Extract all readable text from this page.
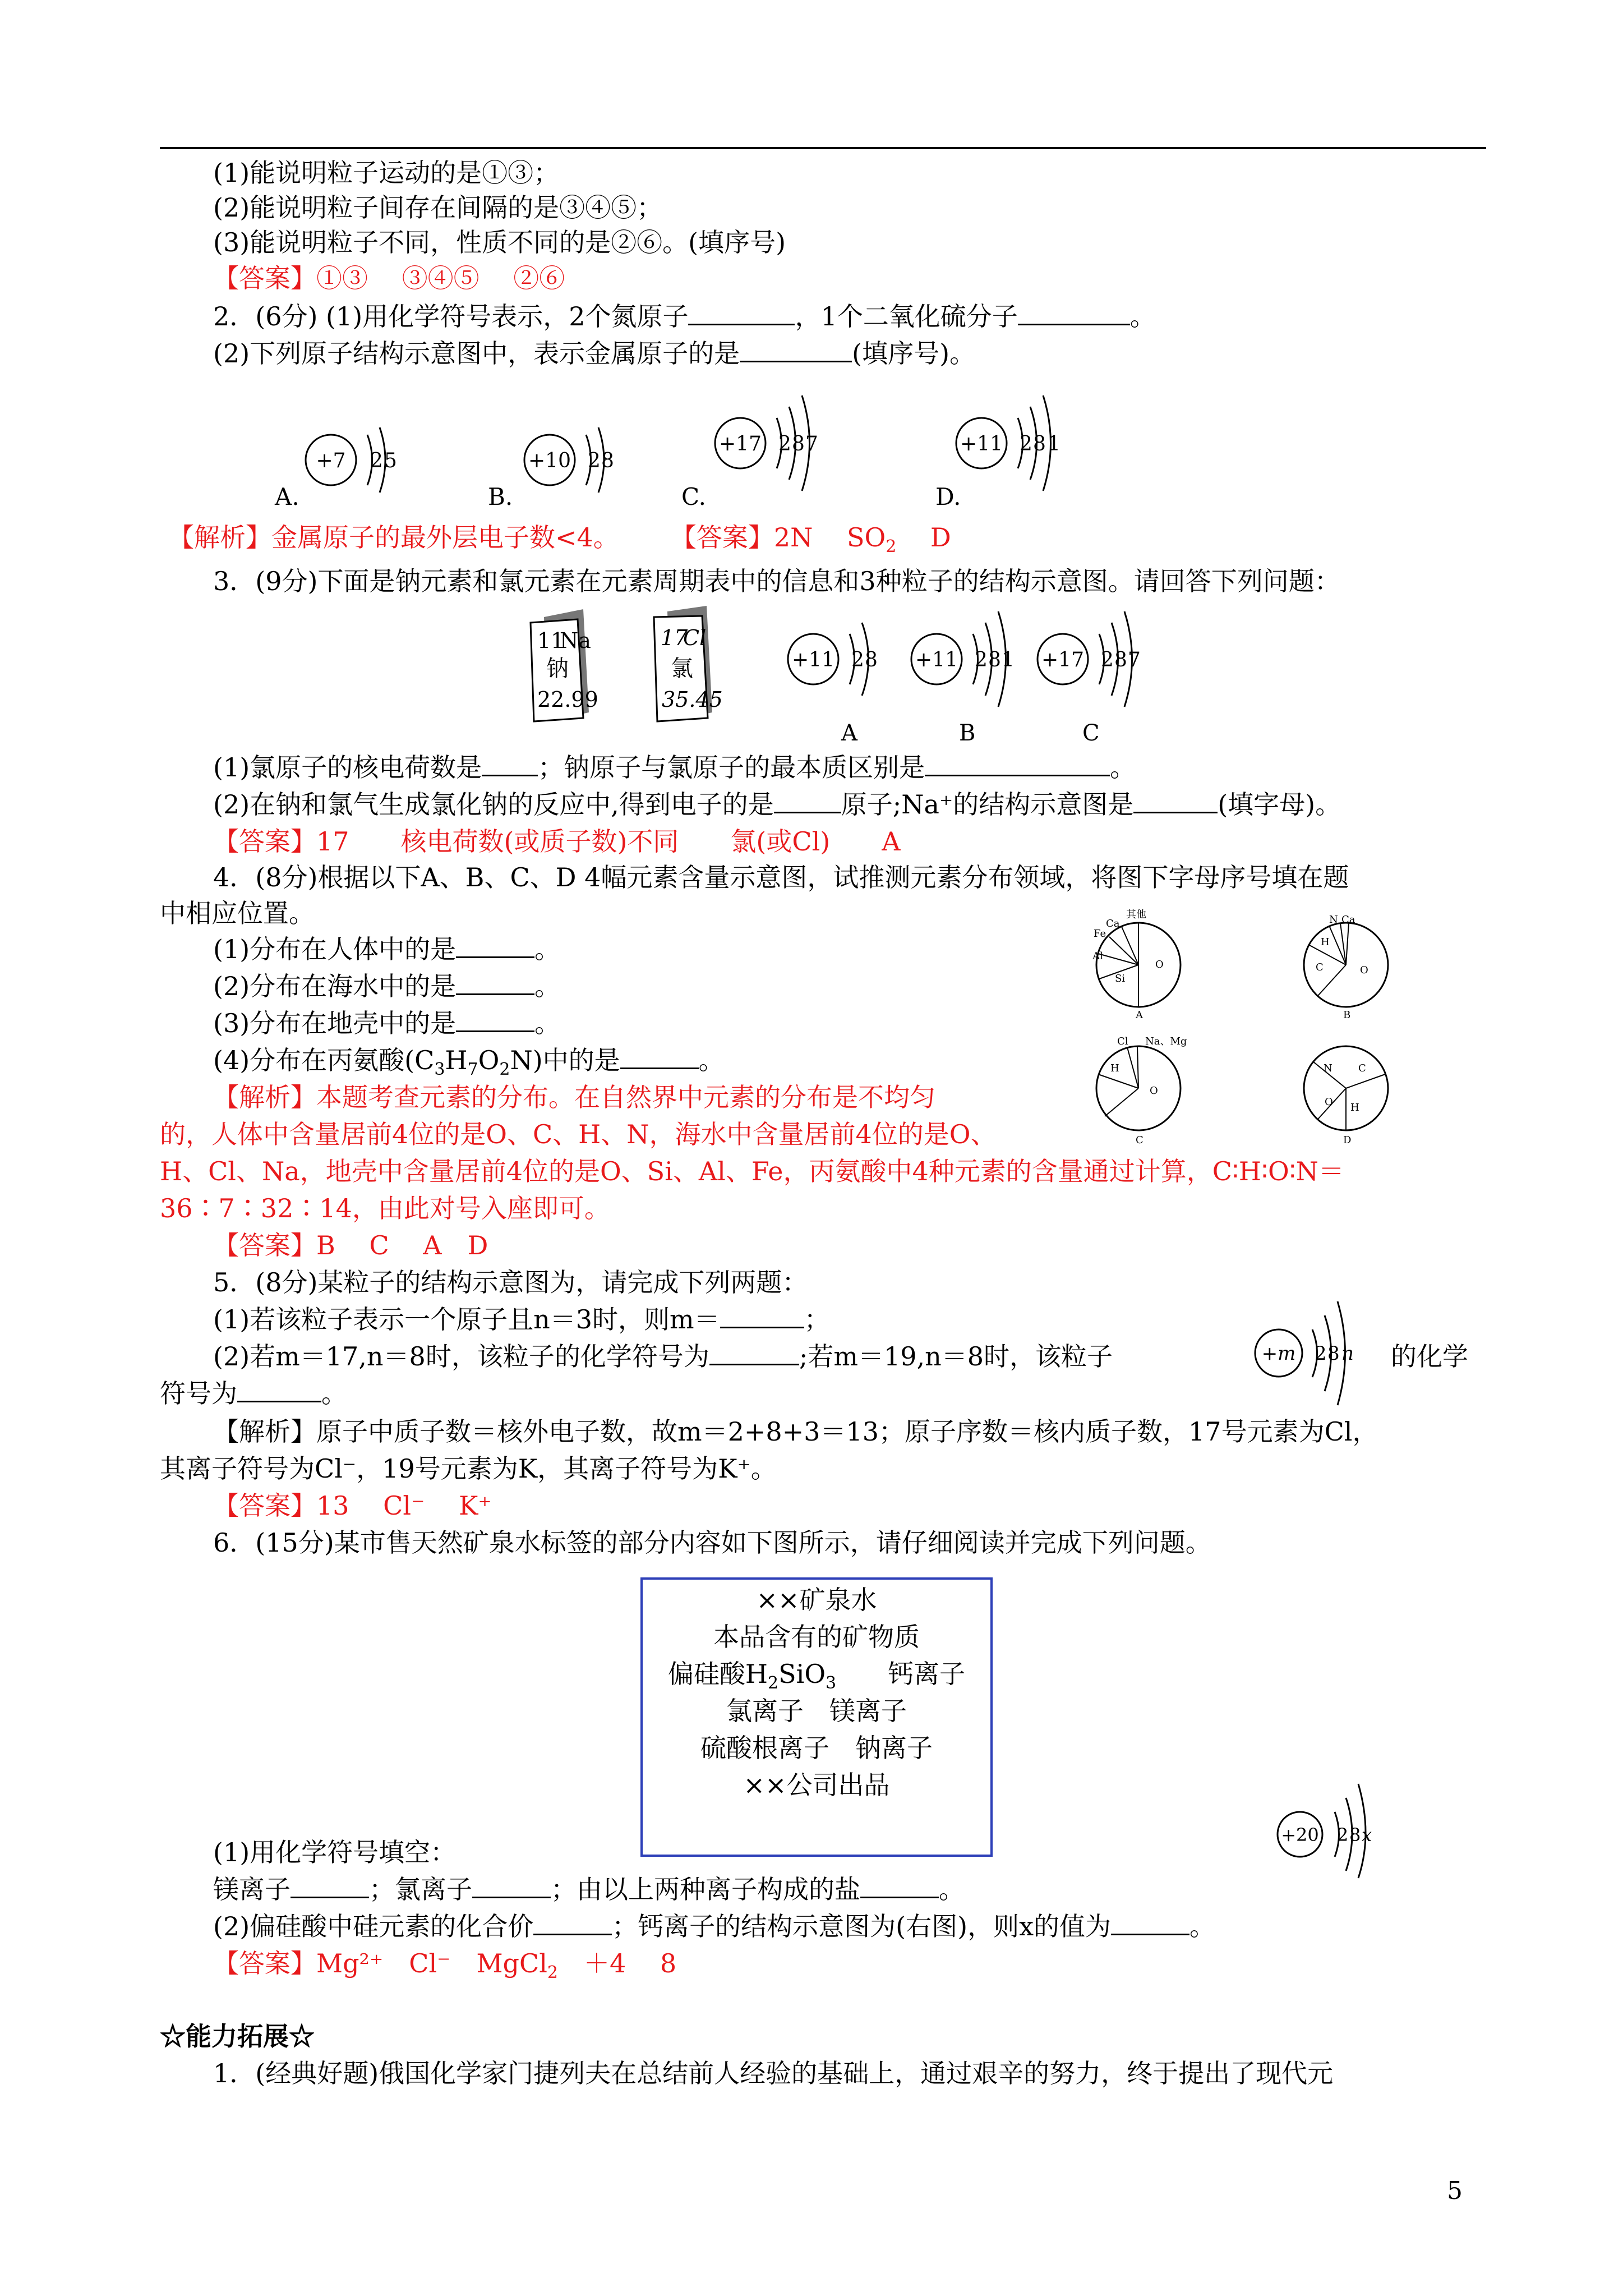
(1)能说明粒子运动的是①③；
(2)能说明粒子间存在间隔的是③④⑤；
(3)能说明粒子不同，性质不同的是②⑥。(填序号)
【答案】①③　 ③④⑤　 ②⑥
2．(6分) (1)用化学符号表示，2个氮原子	，1个二氧化硫分子	。
(2)下列原子结构示意图中，表示金属原子的是	(填序号)。
+7 2 5
A.
+10 2 8
B.
+17 2 8 7
C.
+11 2 8 1
D.
【解析】金属原子的最外层电子数<4。　　　	【答案】2N　 $SO_2$　 D
3．(9分)下面是钠元素和氯元素在元素周期表中的信息和3种粒子的结构示意图。请回答下列问题：
11
Na
钠
22.99
17
Cl
氯
35.45
+11 2 8
A
+11 2 8 1
B
+17 2 8 7
C
(1)氯原子的核电荷数是 ；钠原子与氯原子的最本质区别是	。
(2)在钠和氯气生成氯化钠的反应中,得到电子的是	原子;Na⁺的结构示意图是	(填字母)。
【答案】17　　核电荷数(或质子数)不同　　氯(或Cl)　　A
4．(8分)根据以下A、B、C、D 4幅元素含量示意图，试推测元素分布领域，将图下字母序号填在题
中相应位置。
(1)分布在人体中的是	。
(2)分布在海水中的是	。
(3)分布在地壳中的是	。
(4)分布在丙氨酸$(C_3H_7O_2N)$中的是	。
其他
Ca
Fe
Al
Si
O
A
N Ca
H
C	O
B
Cl Na、Mg
H
O
C
N	C
O H
D
【解析】本题考查元素的分布。在自然界中元素的分布是不均匀
的，人体中含量居前4位的是O、C、H、N，海水中含量居前4位的是O、
H、Cl、Na，地壳中含量居前4位的是O、Si、Al、Fe，丙氨酸中4种元素的含量通过计算，C∶H∶O∶N＝
36∶7∶32∶14，由此对号入座即可。
【答案】B　 C　 A　D
5．(8分)某粒子的结构示意图为，请完成下列两题：
(1)若该粒子表示一个原子且n＝3时，则m＝	；
(2)若m＝17,n＝8时，该粒子的化学符号为	;若m＝19,n＝8时，该粒子	的化学
符号为	。
+m 2 8 n
【解析】原子中质子数＝核外电子数，故m＝2+8+3＝13；原子序数＝核内质子数，17号元素为Cl，
其离子符号为Cl⁻，19号元素为K，其离子符号为K⁺。
【答案】13　 Cl⁻　 K⁺
6．(15分)某市售天然矿泉水标签的部分内容如下图所示，请仔细阅读并完成下列问题。
××矿泉水
本品含有的矿物质
偏硅酸$H_2SiO_3$　　钙离子
氯离子　镁离子
硫酸根离子　钠离子
××公司出品
+20 2 8 x
(1)用化学符号填空：
镁离子	；氯离子	；由以上两种离子构成的盐	。
(2)偏硅酸中硅元素的化合价	；钙离子的结构示意图为(右图)，则x的值为	。
【答案】Mg²⁺　Cl⁻　MgCl$_2$　＋4　 8
☆能力拓展☆
1．(经典好题)俄国化学家门捷列夫在总结前人经验的基础上，通过艰辛的努力，终于提出了现代元
5
